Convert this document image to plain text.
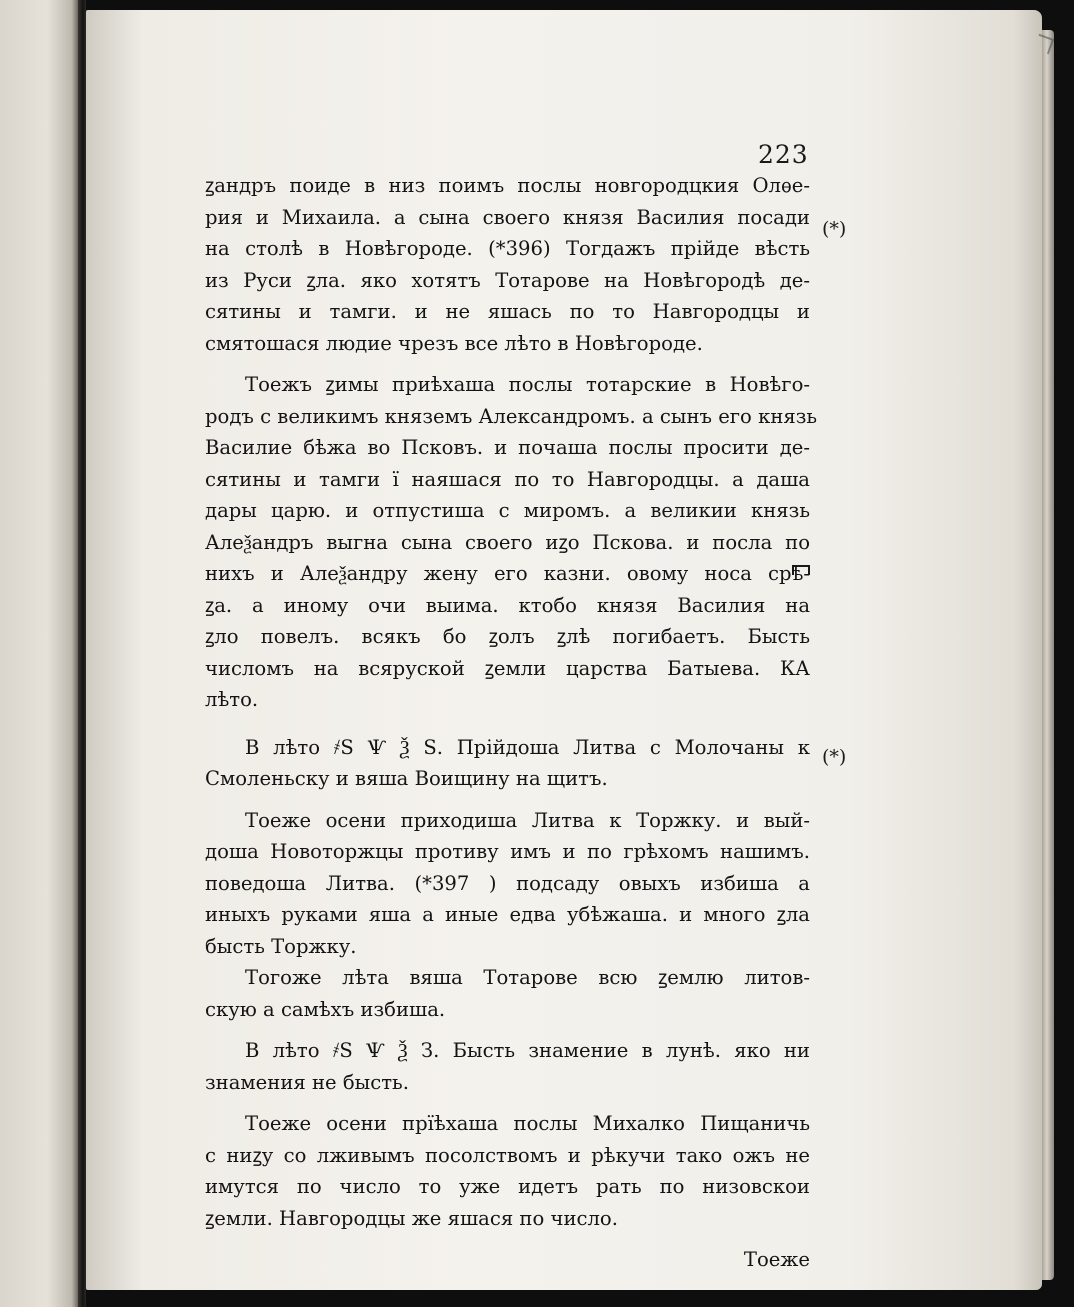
223
(*)
(*)
ꙁандръ поиде в низ поимъ послы новгородцкия Олѳе-
рия и Михаила. а сына своего князя Василия посади
на столѣ в Новѣгороде. (*396) Тогдажъ прійде вѣсть
из Руси ꙁла. яко хотятъ Тотарове на Новѣгородѣ де-
сятины и тамги. и не яшась по то Навгородцы и
смятошася людие чрезъ все лѣто в Новѣгороде.
Тоежъ ꙁимы приѣхаша послы тотарские в Новѣго-
родъ с великимъ княземъ Александромъ. а сынъ его князь
Василие бѣжа во Псковъ. и почаша послы просити де-
сятины и тамги ї наяшася по то Навгородцы. а даша
дары царю. и отпустиша с миромъ. а великии князь
Алеѯандръ выгна сына своего иꙁо Пскова. и посла по
нихъ и Алеѯандру жену его казни. овому носа срѣ-
ꙁа. а иному очи выима. ктобо князя Василия на
ꙁло повелъ. всякъ бо ꙁолъ ꙁлѣ погибаетъ. Бысть
числомъ на всяруской ꙁемли царства Батыева. КА
лѣто.
В лѣто ҂Ѕ Ѱ Ѯ Ѕ. Прійдоша Литва с Молочаны к
Смоленьску и вяша Воищину на щитъ.
Тоеже осени приходиша Литва к Торжку. и вый-
доша Новоторжцы противу имъ и по грѣхомъ нашимъ.
поведоша Литва. (*397 ) подсаду овыхъ избиша а
иныхъ руками яша а иные едва убѣжаша. и много ꙁла
бысть Торжку.
Тогоже лѣта вяша Тотарове всю ꙁемлю литов-
скую а самѣхъ избиша.
В лѣто ҂Ѕ Ѱ Ѯ З. Бысть знамение в лунѣ. яко ни
знамения не бысть.
Тоеже осени прїѣхаша послы Михалко Пищаничь
с ниꙁу со лживымъ посолствомъ и рѣкучи тако ожъ не
имутся по число то уже идетъ рать по низовскои
ꙁемли. Навгородцы же яшася по число.
Тоеже
